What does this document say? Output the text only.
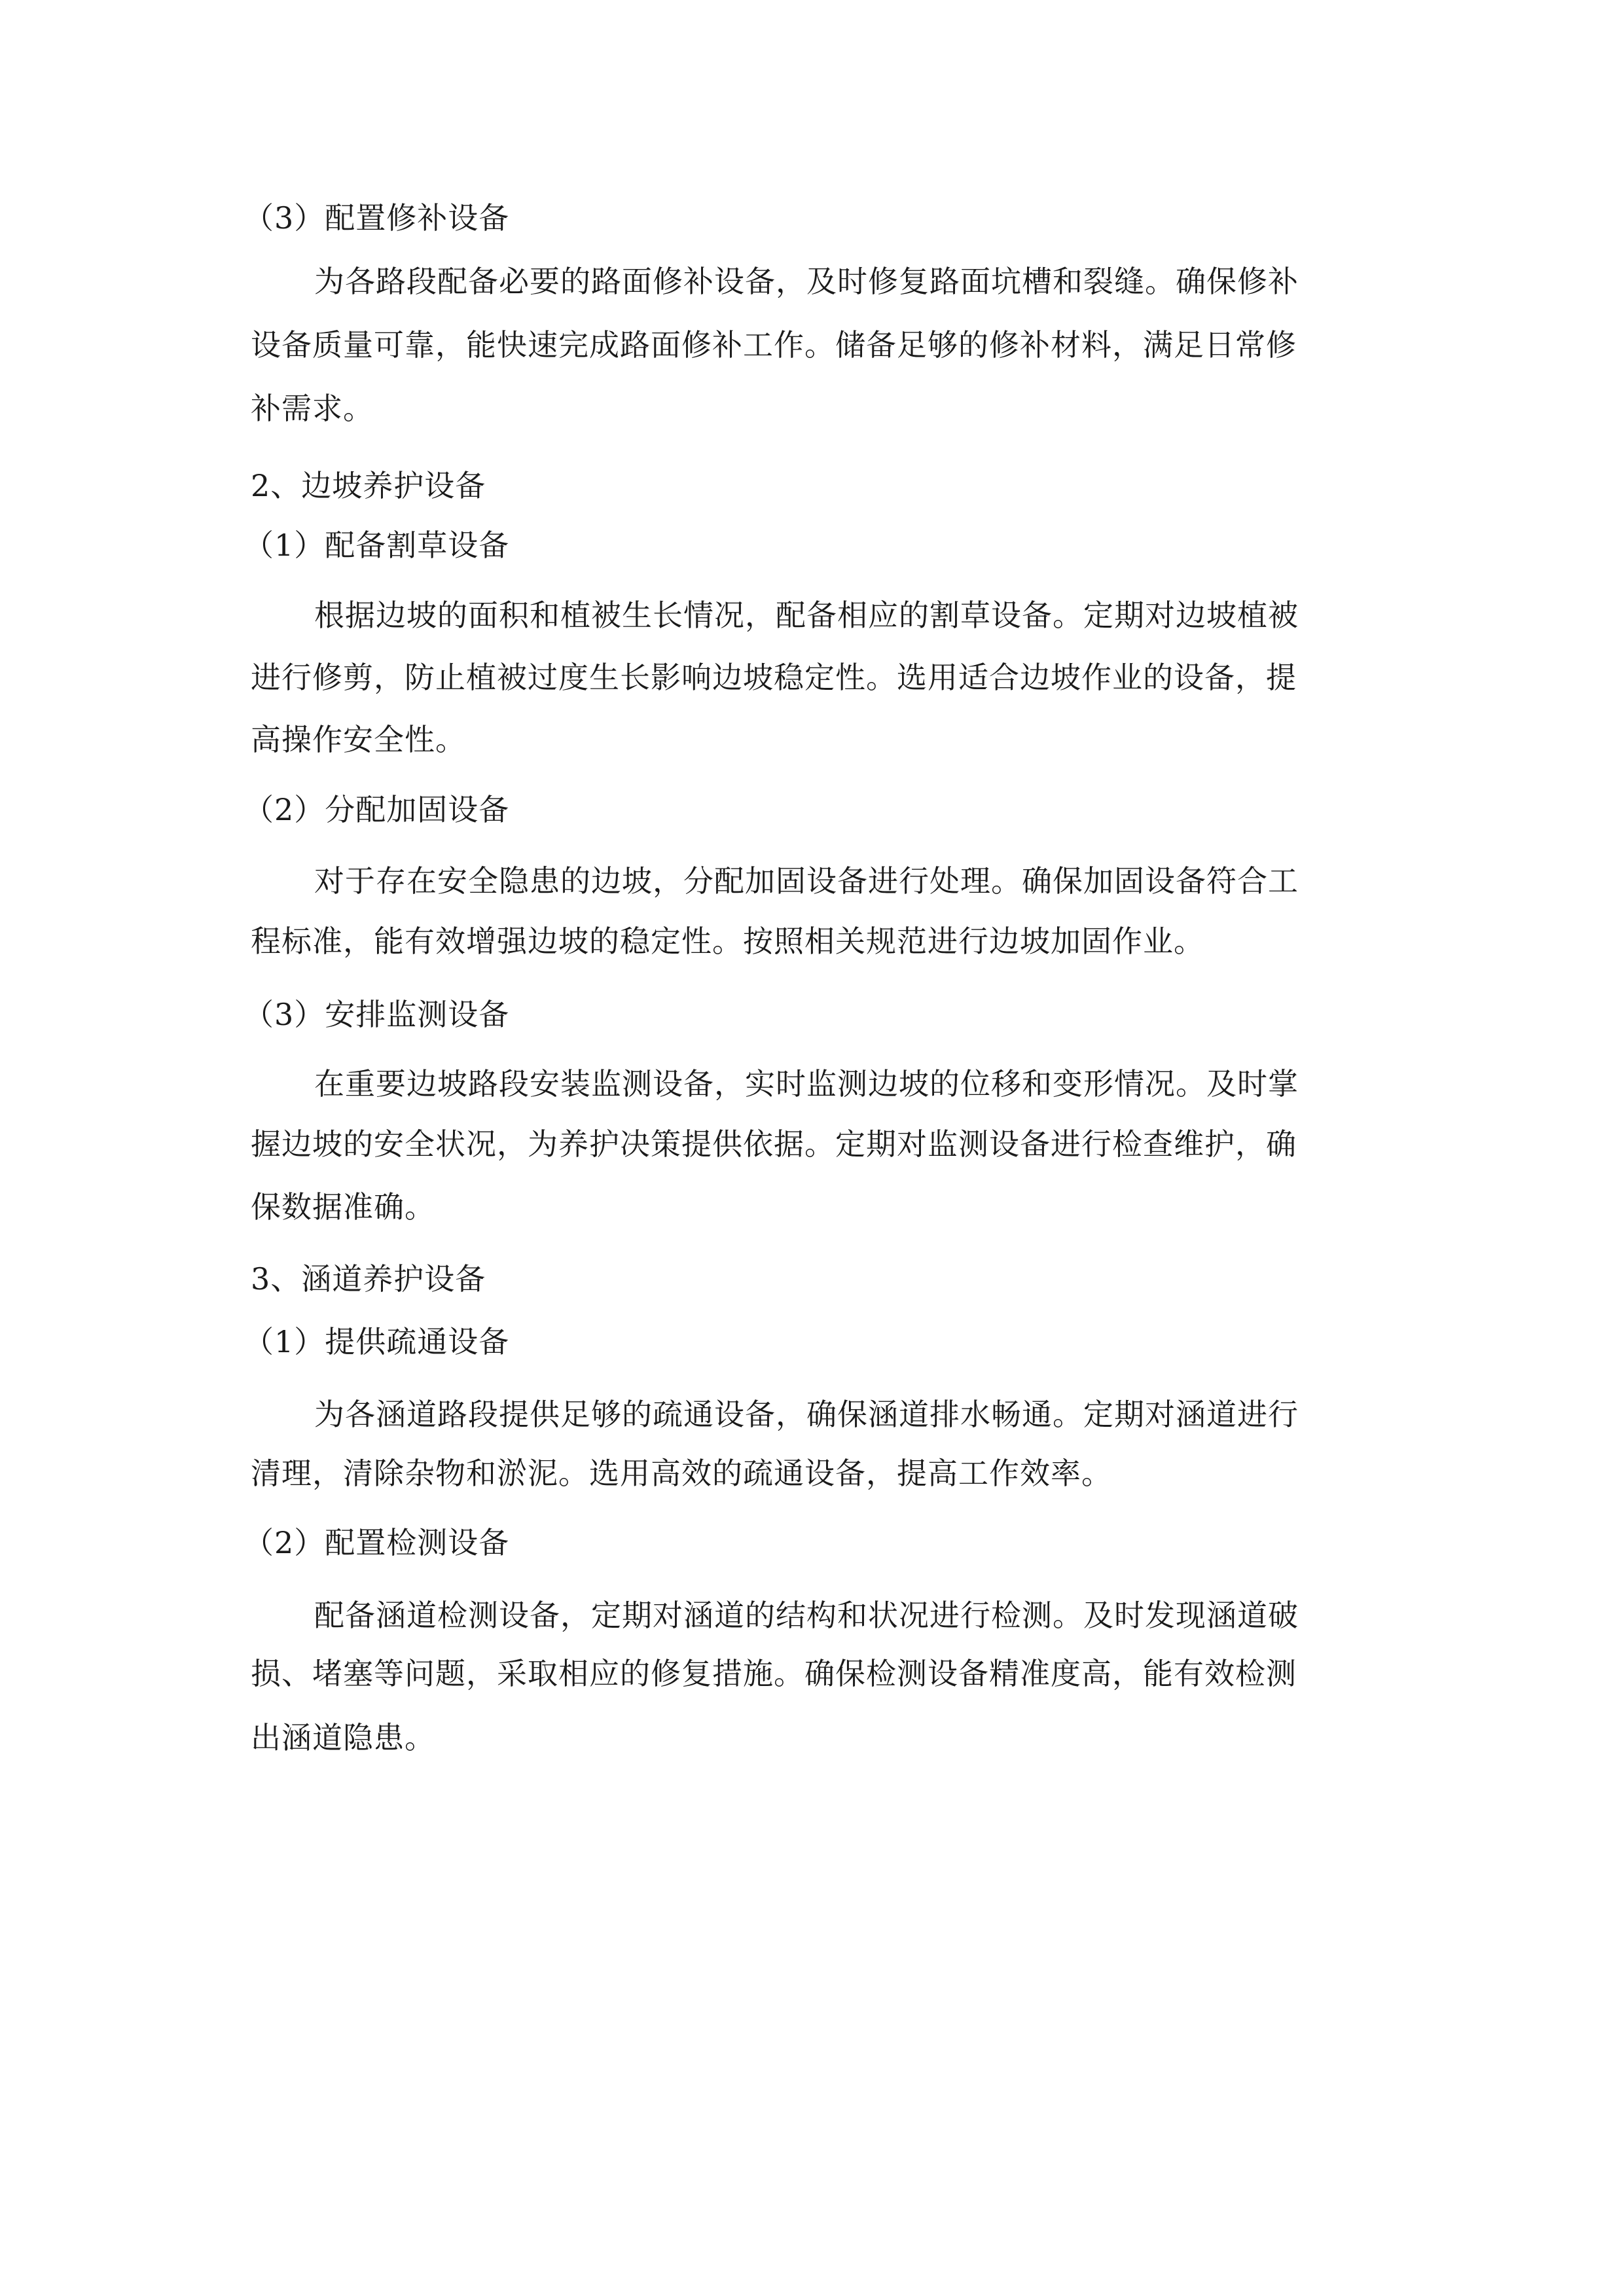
（3）配置修补设备

为各路段配备必要的路面修补设备，及时修复路面坑槽和裂缝。确保修补

设备质量可靠，能快速完成路面修补工作。储备足够的修补材料，满足日常修

补需求。

2、边坡养护设备

（1）配备割草设备

根据边坡的面积和植被生长情况，配备相应的割草设备。定期对边坡植被

进行修剪，防止植被过度生长影响边坡稳定性。选用适合边坡作业的设备，提

高操作安全性。

（2）分配加固设备

对于存在安全隐患的边坡，分配加固设备进行处理。确保加固设备符合工

程标准，能有效增强边坡的稳定性。按照相关规范进行边坡加固作业。

（3）安排监测设备

在重要边坡路段安装监测设备，实时监测边坡的位移和变形情况。及时掌

握边坡的安全状况，为养护决策提供依据。定期对监测设备进行检查维护，确

保数据准确。

3、涵道养护设备

（1）提供疏通设备

为各涵道路段提供足够的疏通设备，确保涵道排水畅通。定期对涵道进行

清理，清除杂物和淤泥。选用高效的疏通设备，提高工作效率。

（2）配置检测设备

配备涵道检测设备，定期对涵道的结构和状况进行检测。及时发现涵道破

损、堵塞等问题，采取相应的修复措施。确保检测设备精准度高，能有效检测

出涵道隐患。
